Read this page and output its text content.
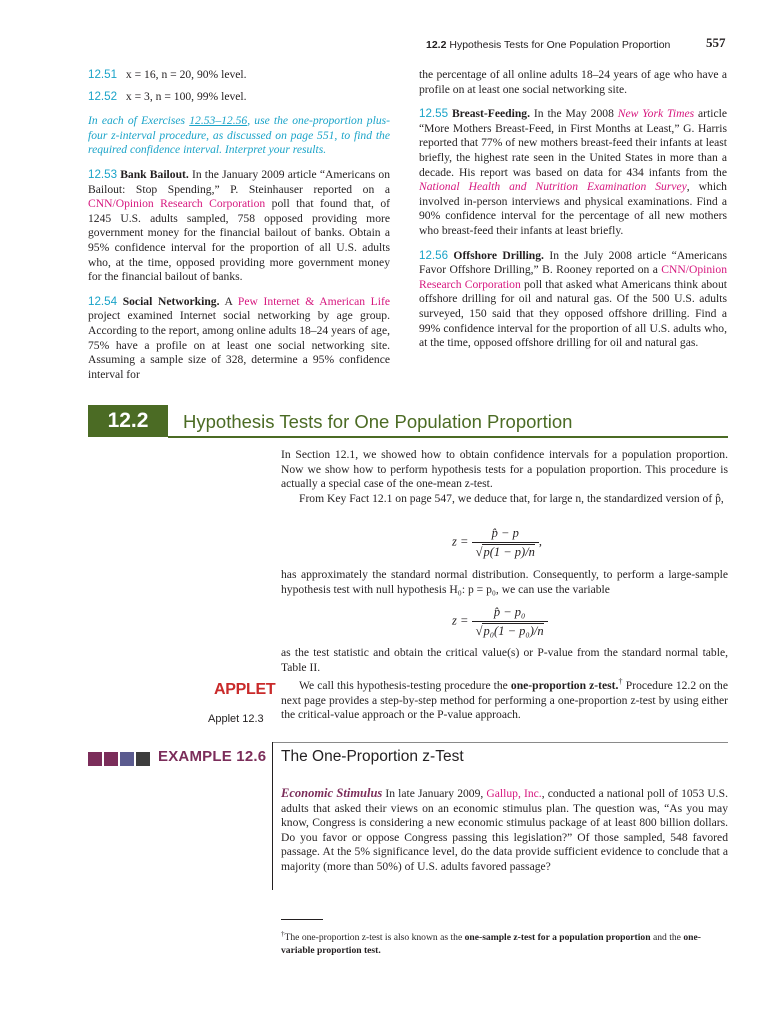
12.2 Hypothesis Tests for One Population Proportion	557

12.51 x = 16, n = 20, 90% level.

12.52 x = 3, n = 100, 99% level.

In each of Exercises 12.53–12.56, use the one-proportion plus-four z-interval procedure, as discussed on page 551, to find the required confidence interval. Interpret your results.

12.53 Bank Bailout. In the January 2009 article “Americans on Bailout: Stop Spending,” P. Steinhauser reported on a CNN/Opinion Research Corporation poll that found that, of 1245 U.S. adults sampled, 758 opposed providing more government money for the financial bailout of banks. Obtain a 95% confidence interval for the proportion of all U.S. adults who, at the time, opposed providing more government money for the financial bailout of banks.

12.54 Social Networking. A Pew Internet & American Life project examined Internet social networking by age group. According to the report, among online adults 18–24 years of age, 75% have a profile on at least one social networking site. Assuming a sample size of 328, determine a 95% confidence interval for

the percentage of all online adults 18–24 years of age who have a profile on at least one social networking site.

12.55 Breast-Feeding. In the May 2008 New York Times article “More Mothers Breast-Feed, in First Months at Least,” G. Harris reported that 77% of new mothers breast-feed their infants at least briefly, the highest rate seen in the United States in more than a decade. His report was based on data for 434 infants from the National Health and Nutrition Examination Survey, which involved in-person interviews and physical examinations. Find a 90% confidence interval for the percentage of all new mothers who breast-feed their infants at least briefly.

12.56 Offshore Drilling. In the July 2008 article “Americans Favor Offshore Drilling,” B. Rooney reported on a CNN/Opinion Research Corporation poll that asked what Americans think about offshore drilling for oil and natural gas. Of the 500 U.S. adults surveyed, 150 said that they opposed offshore drilling. Find a 99% confidence interval for the proportion of all U.S. adults who, at the time, opposed offshore drilling for oil and natural gas.

12.2	Hypothesis Tests for One Population Proportion

In Section 12.1, we showed how to obtain confidence intervals for a population proportion. Now we show how to perform hypothesis tests for a population proportion. This procedure is actually a special case of the one-mean z-test.

From Key Fact 12.1 on page 547, we deduce that, for large n, the standardized version of p̂,

$z = \frac{p̂ - p}{√p(1 - p)/n}$ ,

has approximately the standard normal distribution. Consequently, to perform a large-sample hypothesis test with null hypothesis H₀: p = p₀, we can use the variable

$z = \frac{\text{p̂ − p₀}}{\text{√p₀(1 − p₀)/n}}$

as the test statistic and obtain the critical value(s) or P-value from the standard normal table, Table II.

We call this hypothesis-testing procedure the one-proportion z-test.† Procedure 12.2 on the next page provides a step-by-step method for performing a one-proportion z-test by using either the critical-value approach or the P-value approach.

APPLET
Applet 12.3
EXAMPLE 12.6 The One-Proportion z-Test

Economic Stimulus In late January 2009, Gallup, Inc., conducted a national poll of 1053 U.S. adults that asked their views on an economic stimulus plan. The question was, “As you may know, Congress is considering a new economic stimulus package of at least 800 billion dollars. Do you favor or oppose Congress passing this legislation?” Of those sampled, 548 favored passage. At the 5% significance level, do the data provide sufficient evidence to conclude that a majority (more than 50%) of U.S. adults favored passage?

†The one-proportion z-test is also known as the one-sample z-test for a population proportion and the one-variable proportion test.
